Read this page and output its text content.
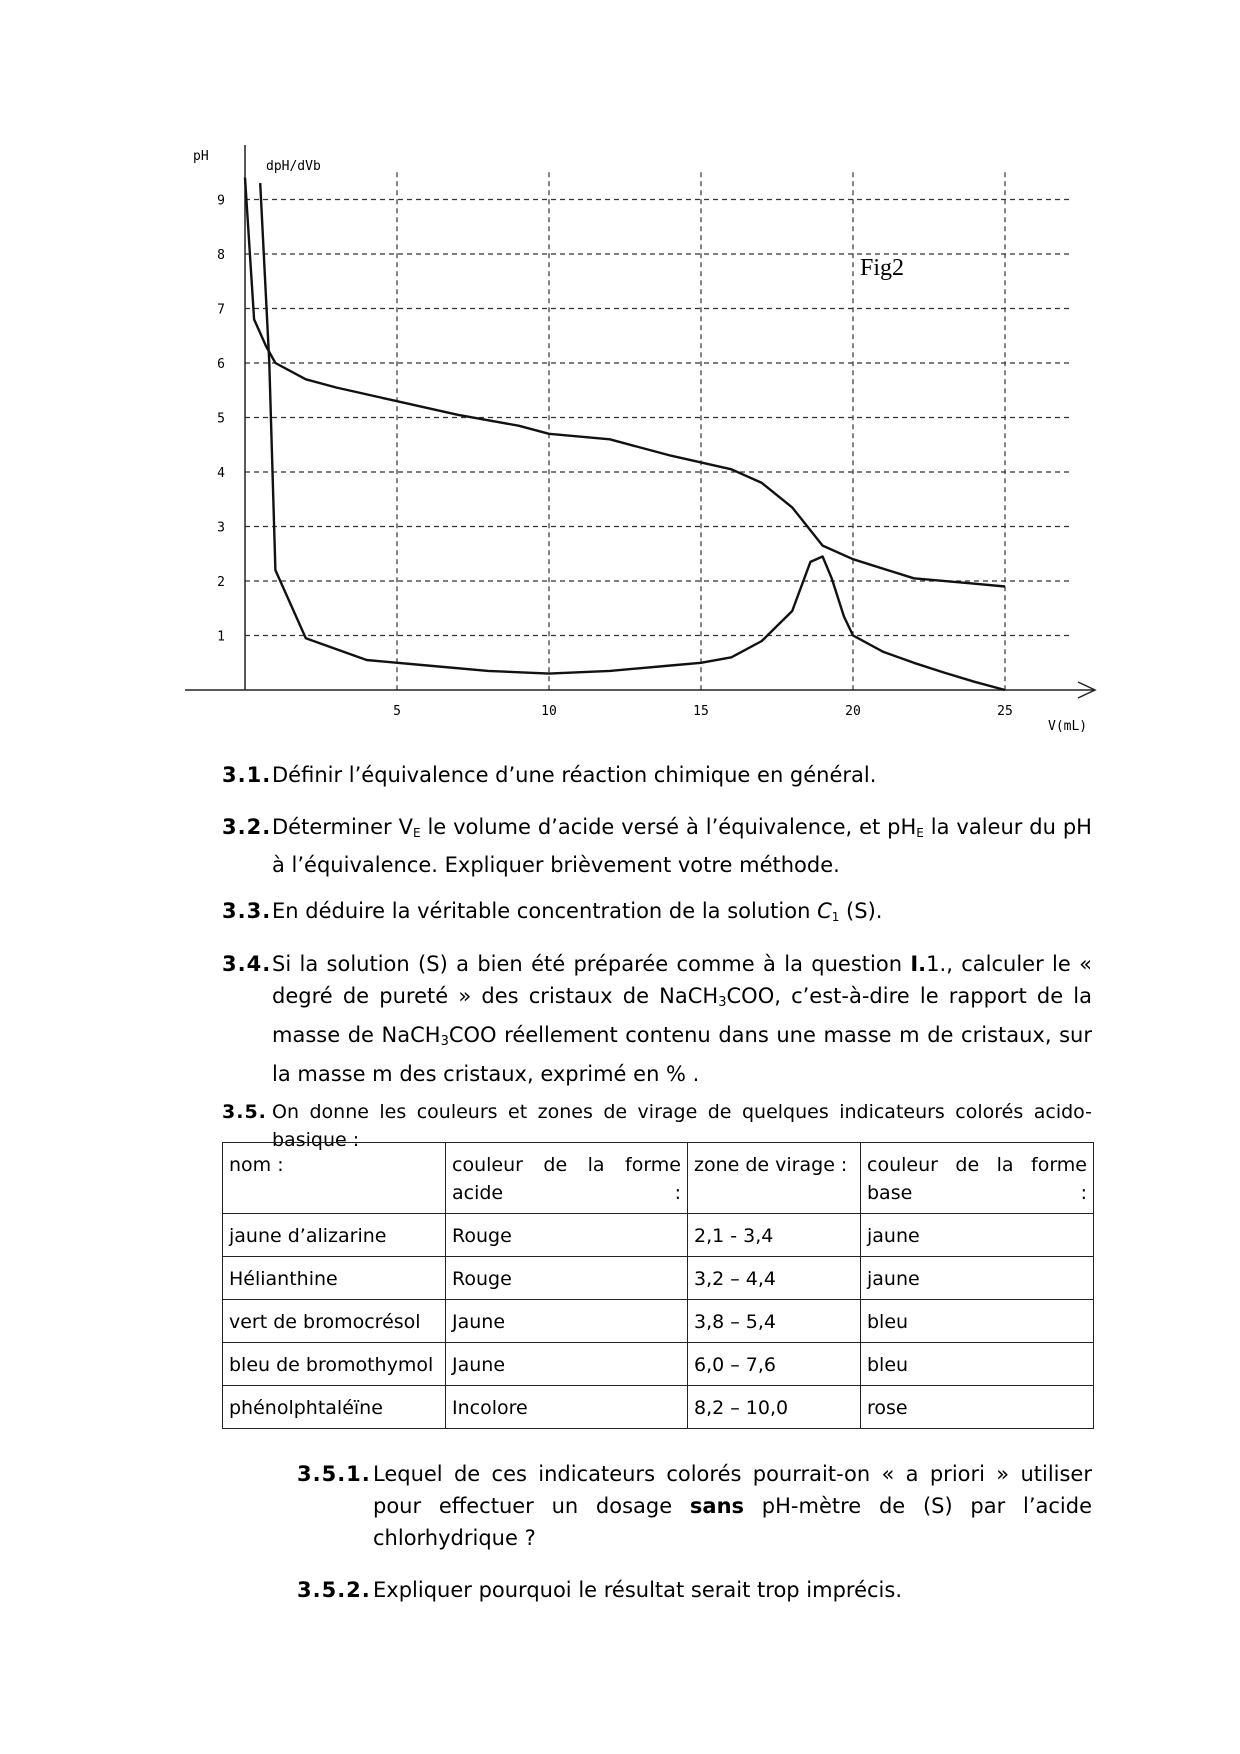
1
2
3
4
5
6
7
8
9
5	10	15	20	25
pH
dpH/dVb
V(mL)
Fig2
3.1. Définir l’équivalence d’une réaction chimique en général.
3.2. Déterminer VE le volume d’acide versé à l’équivalence, et pHE la valeur du pH à l’équivalence. Expliquer brièvement votre méthode.
3.3. En déduire la véritable concentration de la solution C1 (S).
3.4. Si la solution (S) a bien été préparée comme à la question I.1., calculer le « degré de pureté » des cristaux de NaCH3COO, c’est-à-dire le rapport de la masse de NaCH3COO réellement contenu dans une masse m de cristaux, sur la masse m des cristaux, exprimé en % .
3.5. On donne les couleurs et zones de virage de quelques indicateurs colorés acido-basique :
nom :	couleur de la forme acide :	zone de virage :	couleur de la forme base :

jaune d’alizarine	Rouge	2,1 - 3,4	jaune
Hélianthine	Rouge	3,2 – 4,4	jaune
vert de bromocrésol	Jaune	3,8 – 5,4	bleu
bleu de bromothymol	Jaune	6,0 – 7,6	bleu
phénolphtaléïne	Incolore	8,2 – 10,0	rose
3.5.1. Lequel de ces indicateurs colorés pourrait-on « a priori » utiliser pour effectuer un dosage sans pH-mètre de (S) par l’acide chlorhydrique ?
3.5.2. Expliquer pourquoi le résultat serait trop imprécis.
